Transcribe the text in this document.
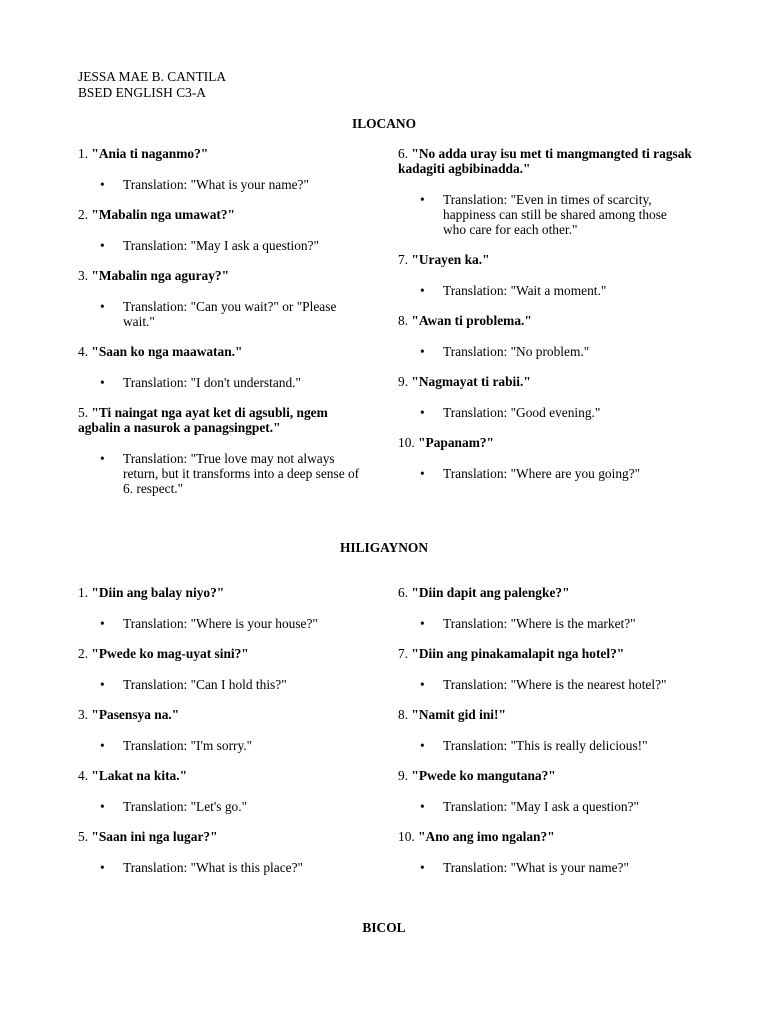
JESSA MAE B. CANTILA
BSED ENGLISH C3-A
ILOCANO
1. "Ania ti naganmo?"
• Translation: "What is your name?"
2. "Mabalin nga umawat?"
• Translation: "May I ask a question?"
3. "Mabalin nga aguray?"
• Translation: "Can you wait?" or "Please wait."
4. "Saan ko nga maawatan."
• Translation: "I don't understand."
5. "Ti naingat nga ayat ket di agsubli, ngem agbalin a nasurok a panagsingpet."
• Translation: "True love may not always return, but it transforms into a deep sense of 6. respect."
6. "No adda uray isu met ti mangmangted ti ragsak kadagiti agbibinadda."
• Translation: "Even in times of scarcity, happiness can still be shared among those who care for each other."
7. "Urayen ka."
• Translation: "Wait a moment."
8. "Awan ti problema."
• Translation: "No problem."
9. "Nagmayat ti rabii."
• Translation: "Good evening."
10. "Papanam?"
• Translation: "Where are you going?"
HILIGAYNON
1. "Diin ang balay niyo?"
• Translation: "Where is your house?"
2. "Pwede ko mag-uyat sini?"
• Translation: "Can I hold this?"
3. "Pasensya na."
• Translation: "I'm sorry."
4. "Lakat na kita."
• Translation: "Let's go."
5. "Saan ini nga lugar?"
• Translation: "What is this place?"
6. "Diin dapit ang palengke?"
• Translation: "Where is the market?"
7. "Diin ang pinakamalapit nga hotel?"
• Translation: "Where is the nearest hotel?"
8. "Namit gid ini!"
• Translation: "This is really delicious!"
9. "Pwede ko mangutana?"
• Translation: "May I ask a question?"
10. "Ano ang imo ngalan?"
• Translation: "What is your name?"
BICOL
